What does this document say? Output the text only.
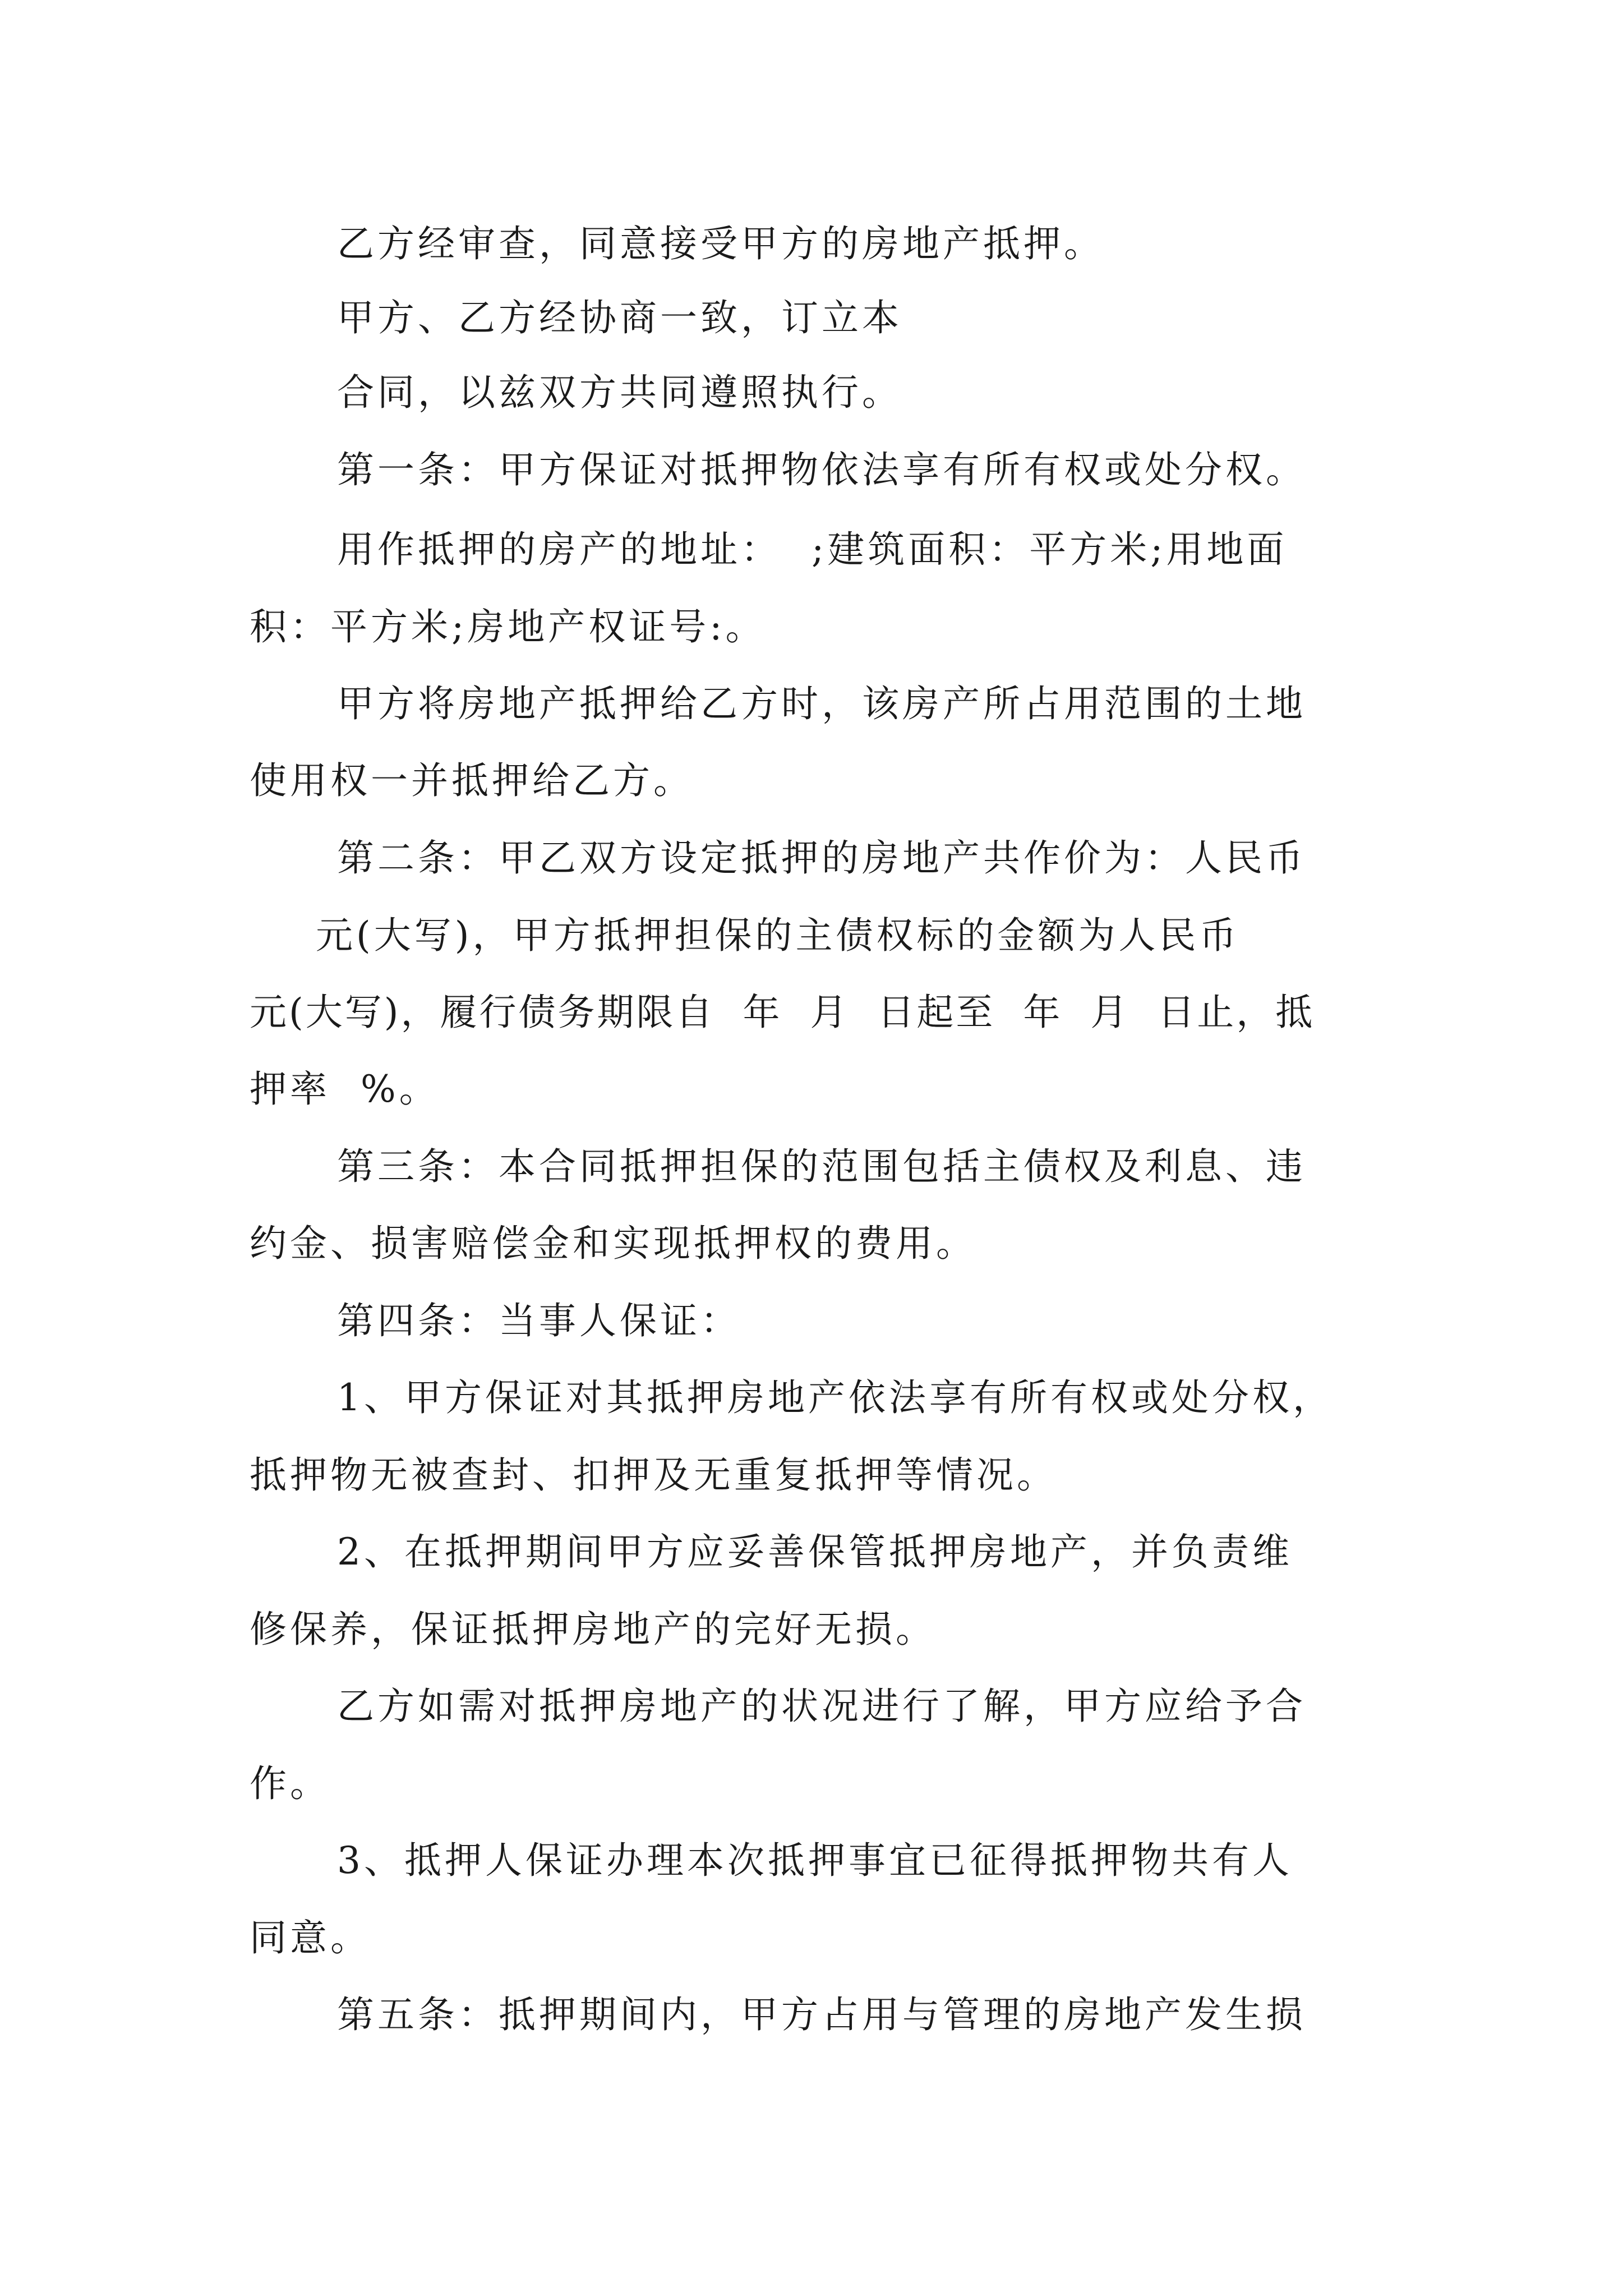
乙方经审查，同意接受甲方的房地产抵押。
甲方、乙方经协商一致，订立本
合同，以兹双方共同遵照执行。
第一条：甲方保证对抵押物依法享有所有权或处分权。
用作抵押的房产的地址：  ;建筑面积：平方米;用地面
积：平方米;房地产权证号:。
甲方将房地产抵押给乙方时，该房产所占用范围的土地
使用权一并抵押给乙方。
第二条：甲乙双方设定抵押的房地产共作价为：人民币
元(大写)，甲方抵押担保的主债权标的金额为人民币
元(大写)，履行债务期限自  年  月  日起至  年  月  日止，抵
押率  %。
第三条：本合同抵押担保的范围包括主债权及利息、违
约金、损害赔偿金和实现抵押权的费用。
第四条：当事人保证：
1、甲方保证对其抵押房地产依法享有所有权或处分权，
抵押物无被查封、扣押及无重复抵押等情况。
2、在抵押期间甲方应妥善保管抵押房地产，并负责维
修保养，保证抵押房地产的完好无损。
乙方如需对抵押房地产的状况进行了解，甲方应给予合
作。
3、抵押人保证办理本次抵押事宜已征得抵押物共有人
同意。
第五条：抵押期间内，甲方占用与管理的房地产发生损
